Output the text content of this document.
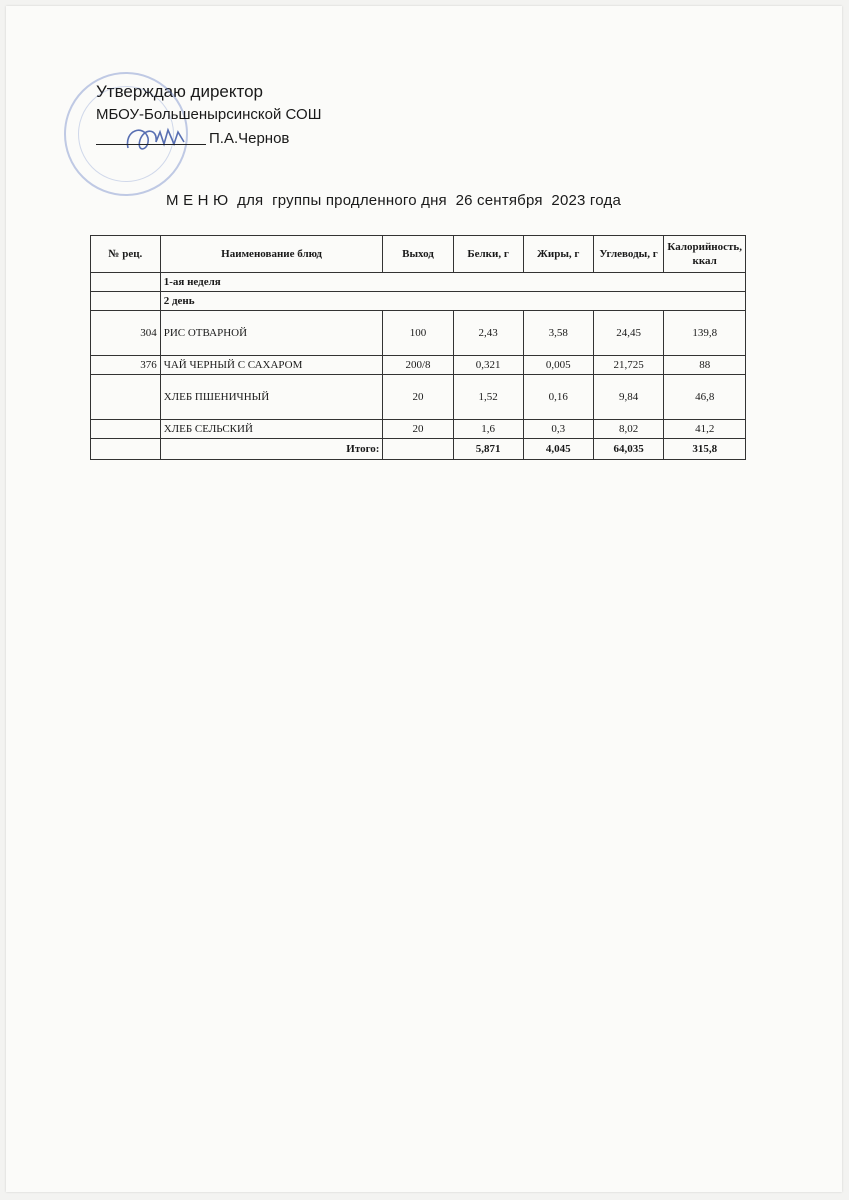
Утверждаю директор
МБОУ-Большенырсинской СОШ
П.А.Чернов
М Е Н Ю  для  группы продленного дня  26 сентября  2023 года
№ рец.	Наименование блюд	Выход	Белки, г	Жиры, г	Углеводы, г	Калорийность, ккал
	1-ая неделя					
	2 день					
304	РИС ОТВАРНОЙ	100	2,43	3,58	24,45	139,8
376	ЧАЙ ЧЕРНЫЙ С САХАРОМ	200/8	0,321	0,005	21,725	88
	ХЛЕБ ПШЕНИЧНЫЙ	20	1,52	0,16	9,84	46,8
	ХЛЕБ СЕЛЬСКИЙ	20	1,6	0,3	8,02	41,2
	Итого:		5,871	4,045	64,035	315,8
